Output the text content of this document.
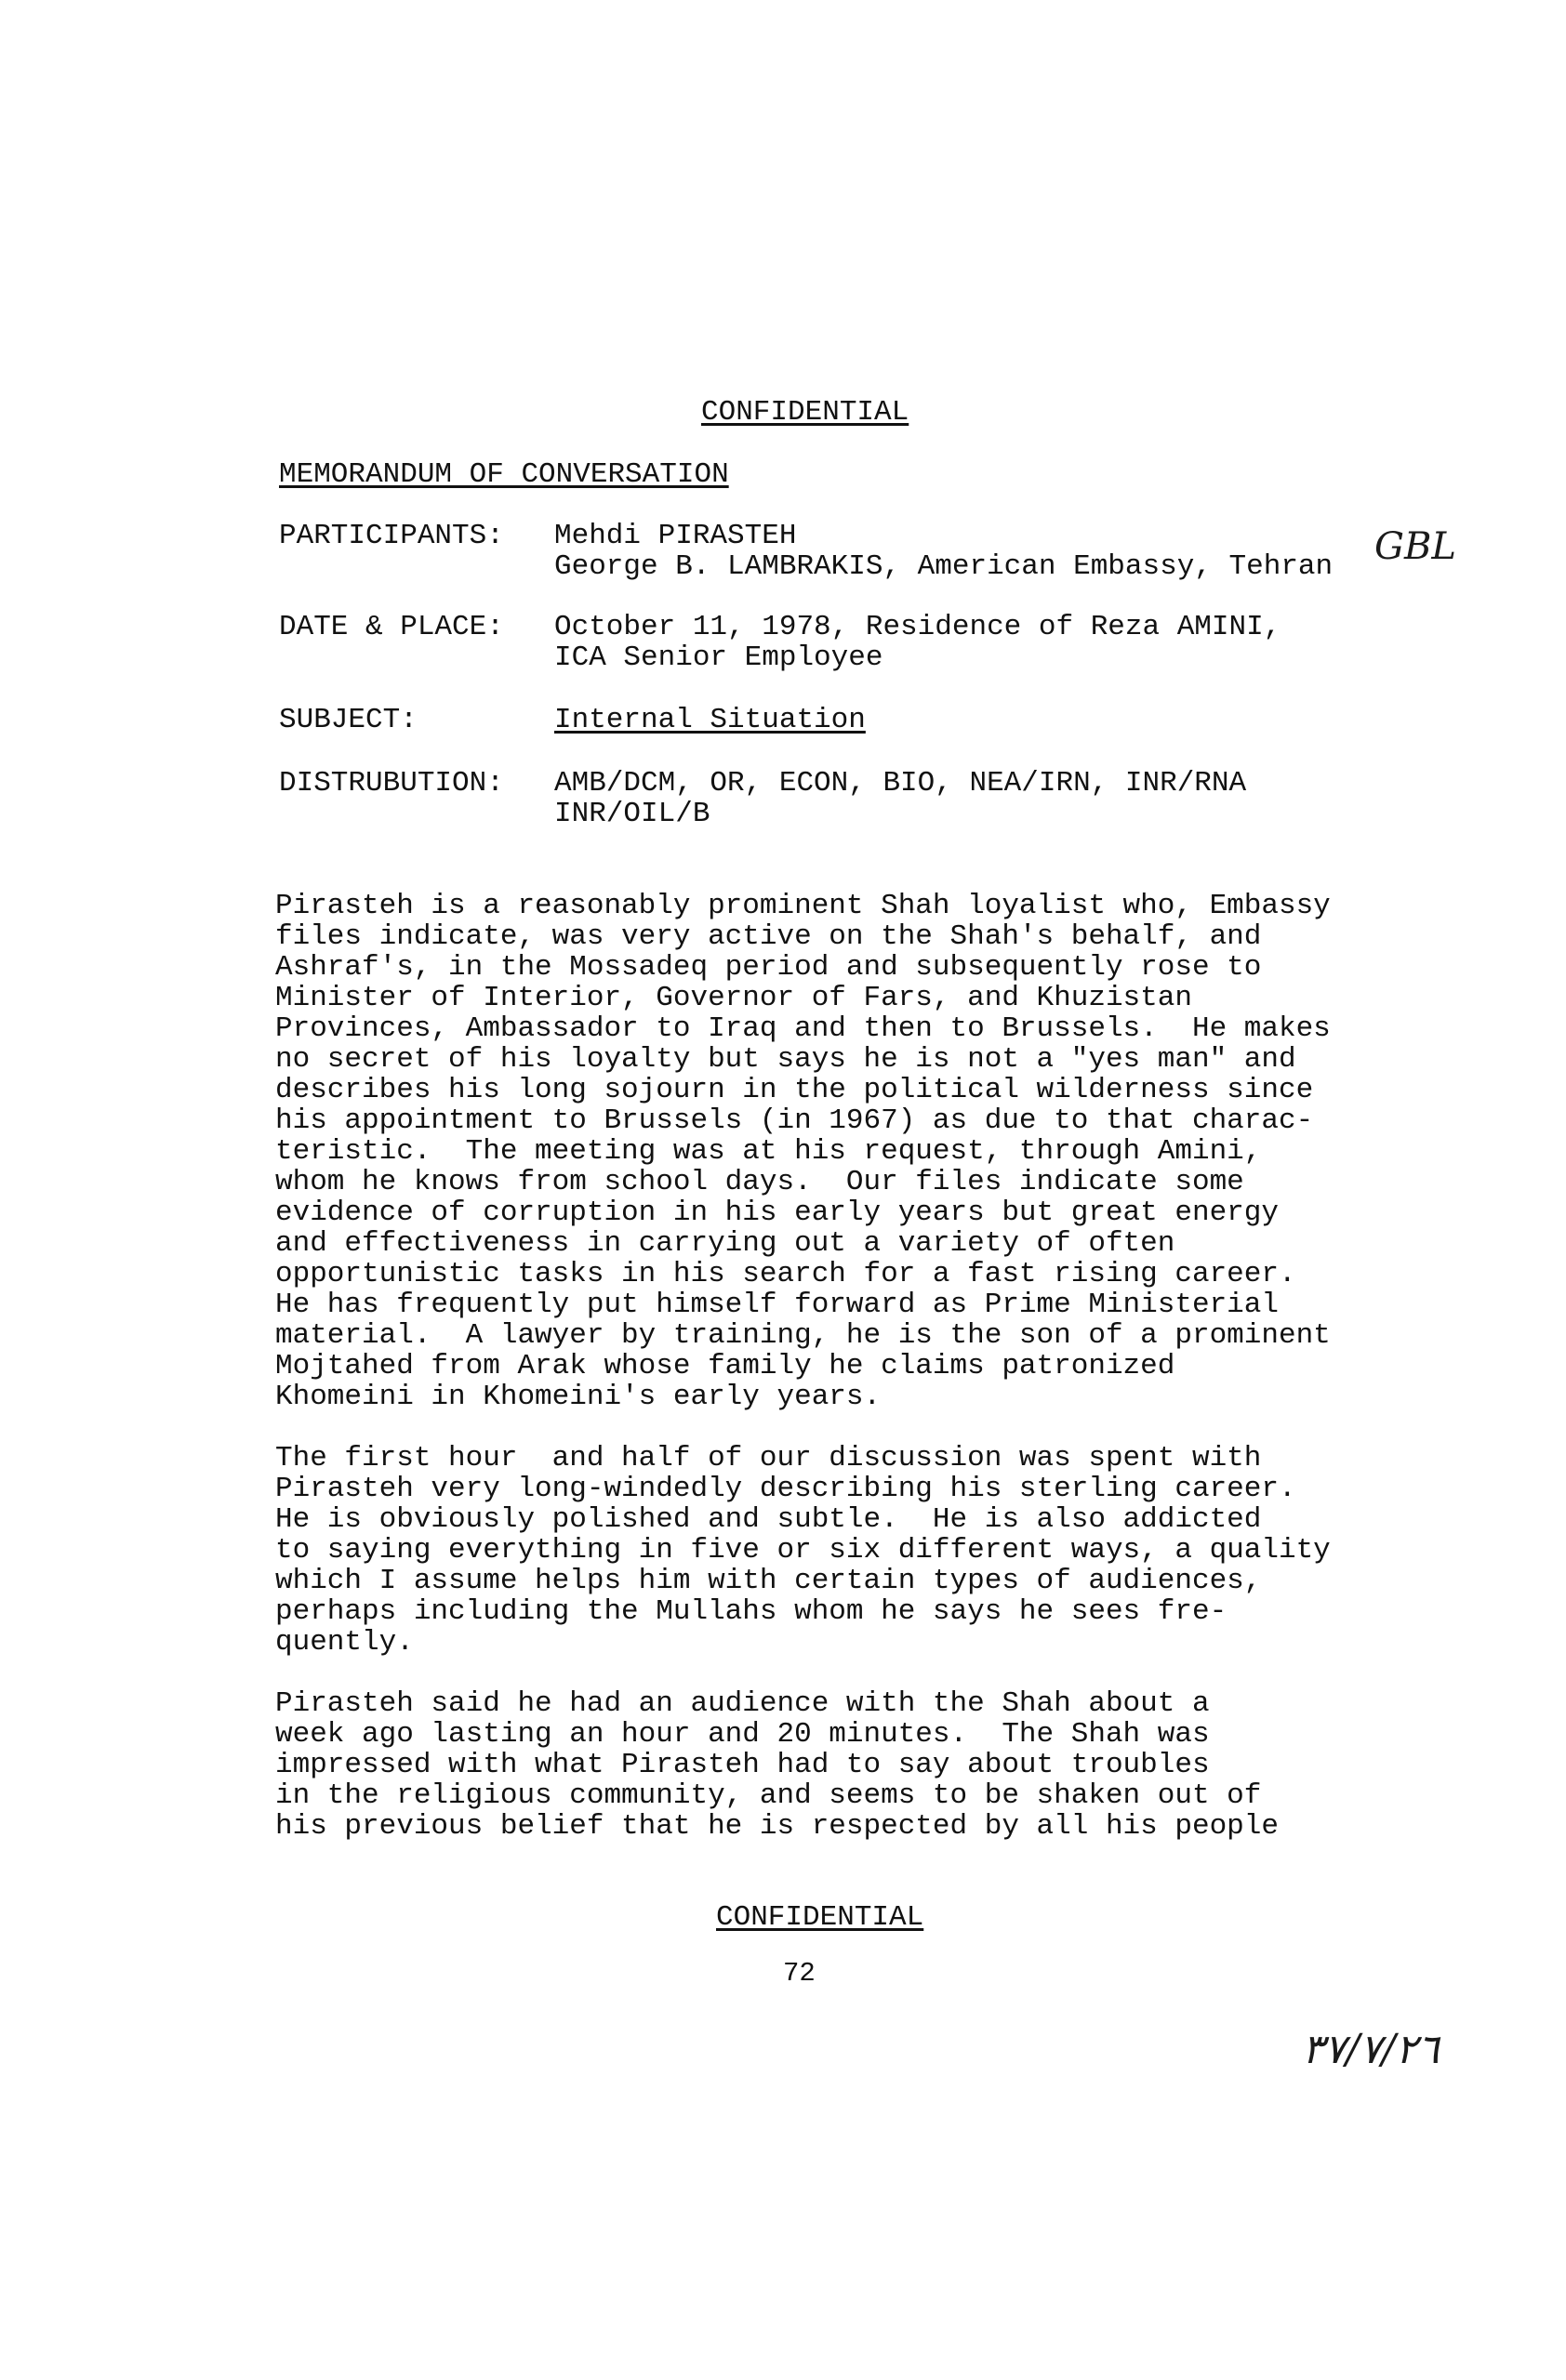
CONFIDENTIAL
MEMORANDUM OF CONVERSATION
PARTICIPANTS: Mehdi PIRASTEH
George B. LAMBRAKIS, American Embassy, Tehran	GBL
DATE & PLACE: October 11, 1978, Residence of Reza AMINI,
ICA Senior Employee
SUBJECT:	Internal Situation
DISTRUBUTION: AMB/DCM, OR, ECON, BIO, NEA/IRN, INR/RNA
INR/OIL/B
Pirasteh is a reasonably prominent Shah loyalist who, Embassy
files indicate, was very active on the Shah's behalf, and
Ashraf's, in the Mossadeq period and subsequently rose to
Minister of Interior, Governor of Fars, and Khuzistan
Provinces, Ambassador to Iraq and then to Brussels.  He makes
no secret of his loyalty but says he is not a "yes man" and
describes his long sojourn in the political wilderness since
his appointment to Brussels (in 1967) as due to that charac-
teristic.  The meeting was at his request, through Amini,
whom he knows from school days.  Our files indicate some
evidence of corruption in his early years but great energy
and effectiveness in carrying out a variety of often
opportunistic tasks in his search for a fast rising career.
He has frequently put himself forward as Prime Ministerial
material.  A lawyer by training, he is the son of a prominent
Mojtahed from Arak whose family he claims patronized
Khomeini in Khomeini's early years.
The first hour  and half of our discussion was spent with
Pirasteh very long-windedly describing his sterling career.
He is obviously polished and subtle.  He is also addicted
to saying everything in five or six different ways, a quality
which I assume helps him with certain types of audiences,
perhaps including the Mullahs whom he says he sees fre-
quently.
Pirasteh said he had an audience with the Shah about a
week ago lasting an hour and 20 minutes.  The Shah was
impressed with what Pirasteh had to say about troubles
in the religious community, and seems to be shaken out of
his previous belief that he is respected by all his people
CONFIDENTIAL
72
٣٧/٧/٢٦
